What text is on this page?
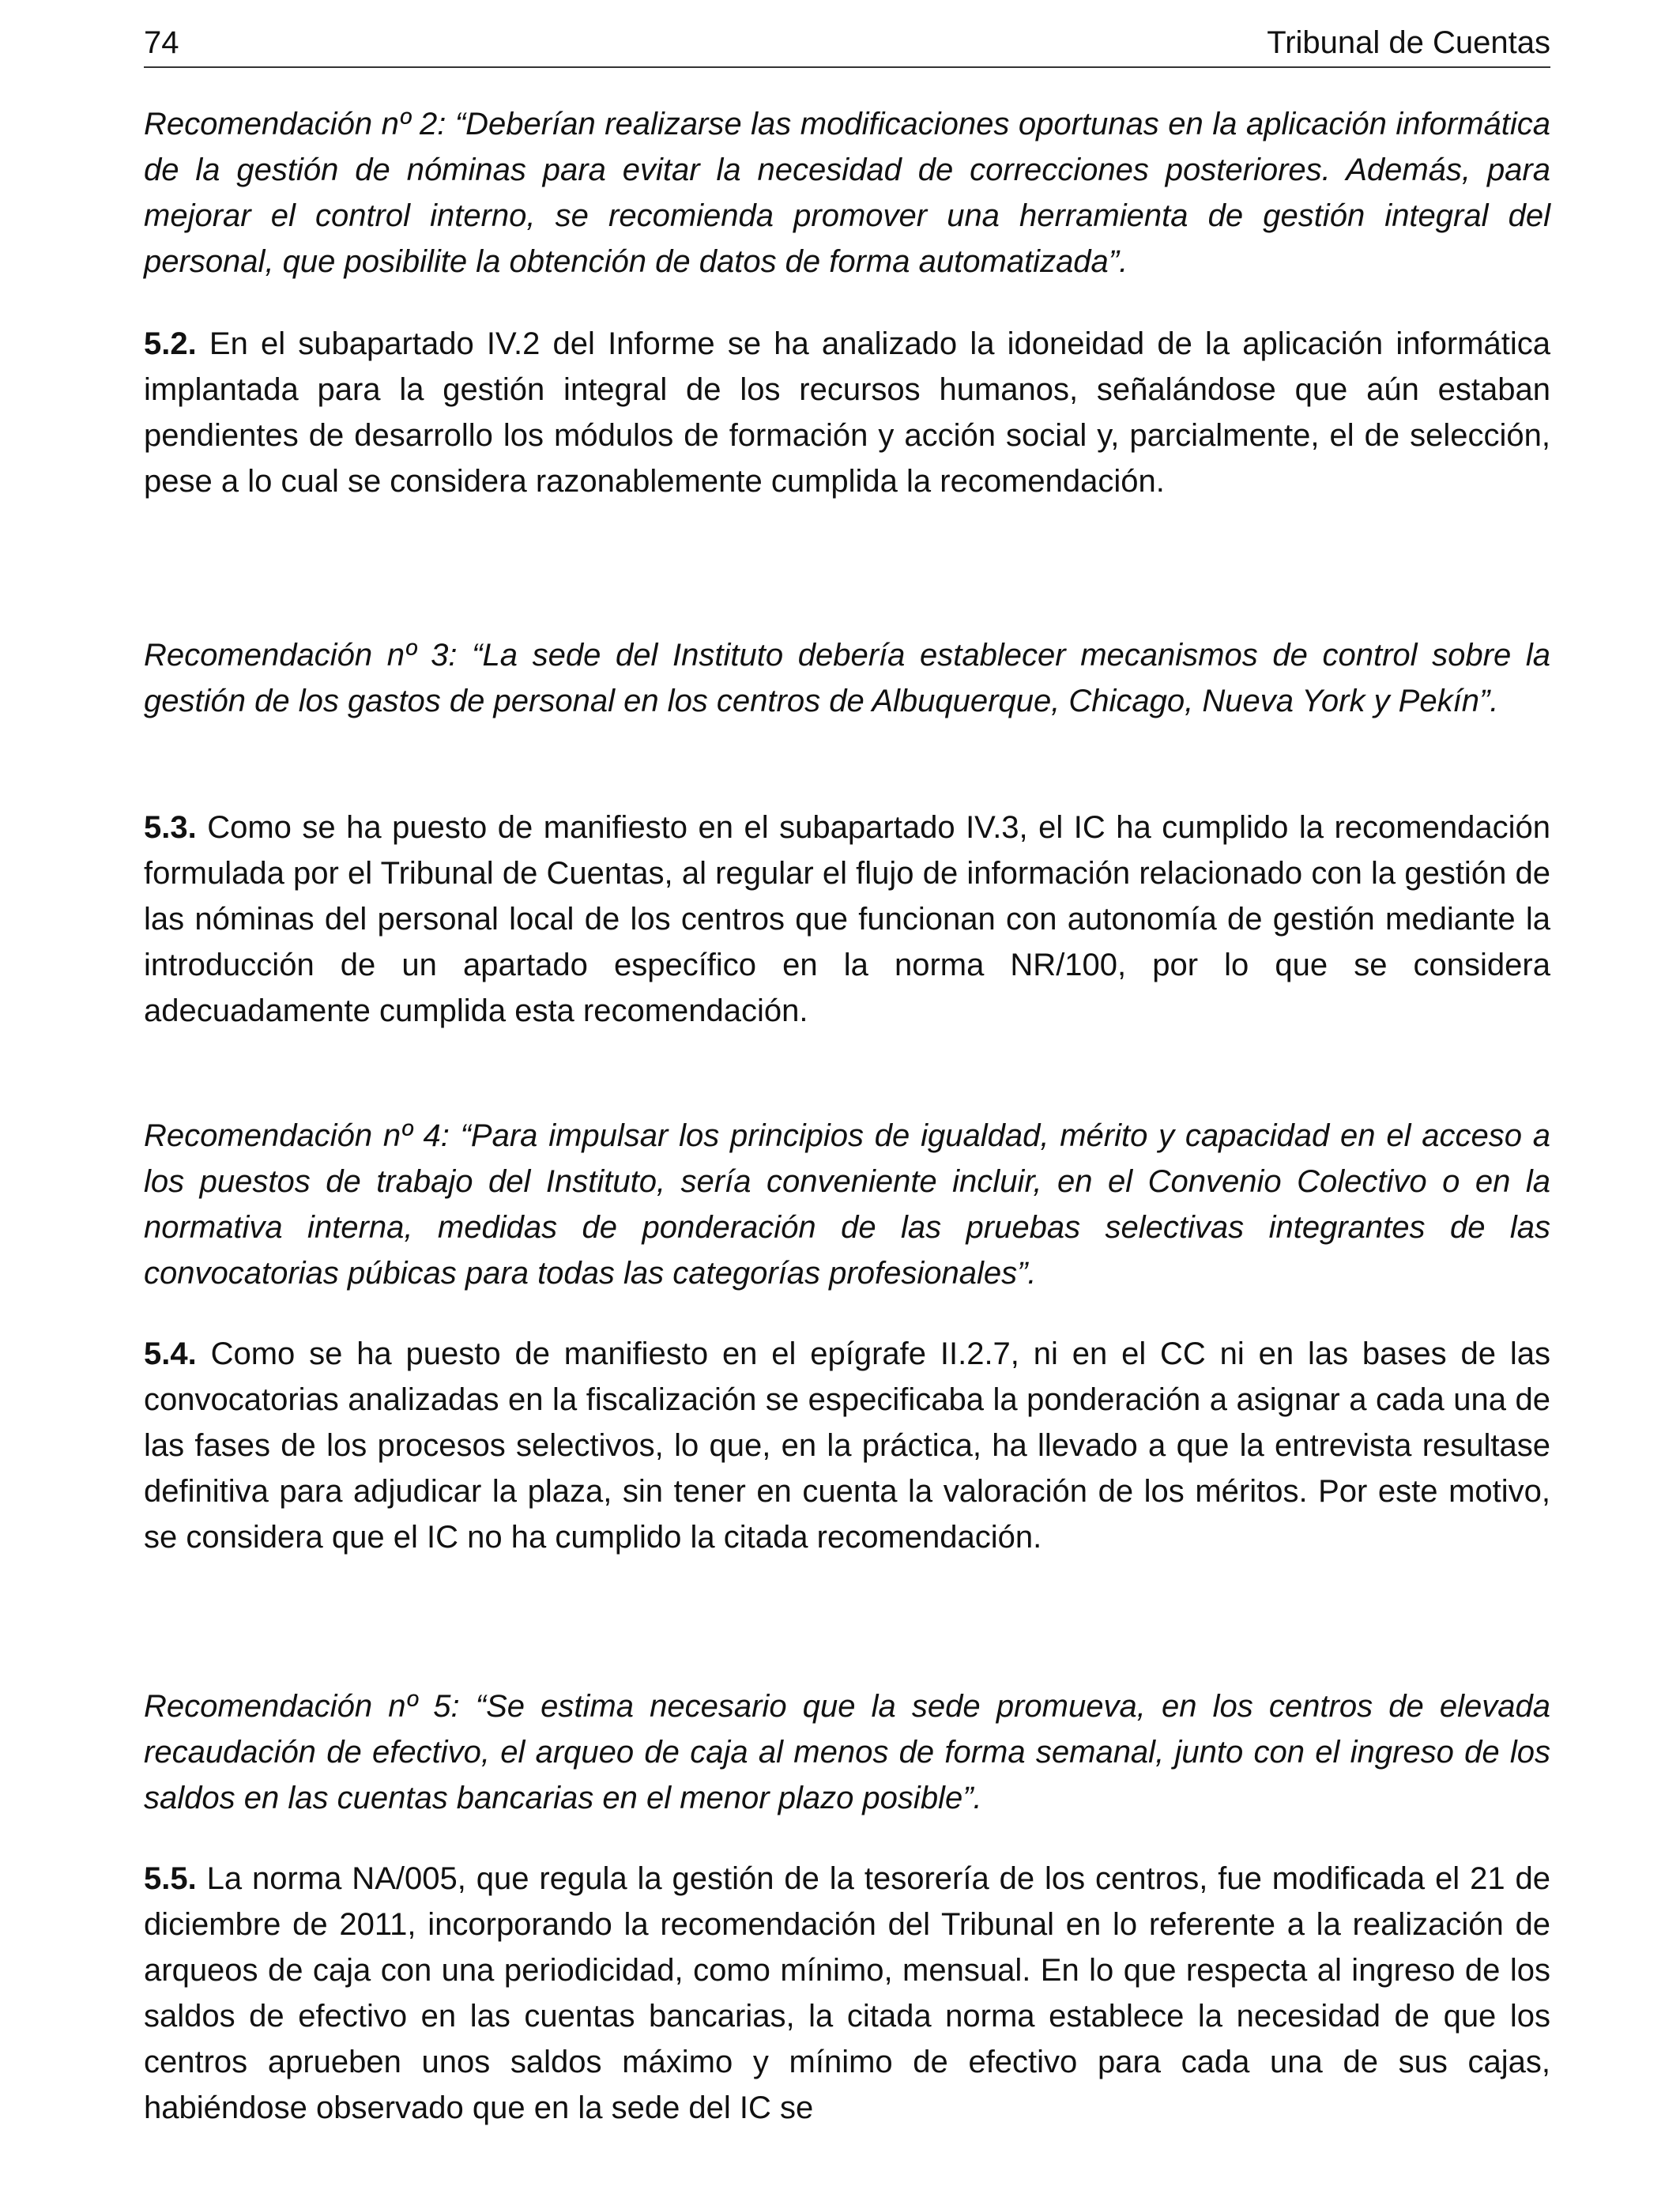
74	Tribunal de Cuentas

Recomendación nº 2: “Deberían realizarse las modificaciones oportunas en la aplicación informática de la gestión de nóminas para evitar la necesidad de correcciones posteriores. Además, para mejorar el control interno, se recomienda promover una herramienta de gestión integral del personal, que posibilite la obtención de datos de forma automatizada”.

5.2. En el subapartado IV.2 del Informe se ha analizado la idoneidad de la aplicación informática implantada para la gestión integral de los recursos humanos, señalándose que aún estaban pendientes de desarrollo los módulos de formación y acción social y, parcialmente, el de selección, pese a lo cual se considera razonablemente cumplida la recomendación.

Recomendación nº 3: “La sede del Instituto debería establecer mecanismos de control sobre la gestión de los gastos de personal en los centros de Albuquerque, Chicago, Nueva York y Pekín”.

5.3. Como se ha puesto de manifiesto en el subapartado IV.3, el IC ha cumplido la recomendación formulada por el Tribunal de Cuentas, al regular el flujo de información relacionado con la gestión de las nóminas del personal local de los centros que funcionan con autonomía de gestión mediante la introducción de un apartado específico en la norma NR/100, por lo que se considera adecuadamente cumplida esta recomendación.

Recomendación nº 4: “Para impulsar los principios de igualdad, mérito y capacidad en el acceso a los puestos de trabajo del Instituto, sería conveniente incluir, en el Convenio Colectivo o en la normativa interna, medidas de ponderación de las pruebas selectivas integrantes de las convocatorias púbicas para todas las categorías profesionales”.

5.4. Como se ha puesto de manifiesto en el epígrafe II.2.7, ni en el CC ni en las bases de las convocatorias analizadas en la fiscalización se especificaba la ponderación a asignar a cada una de las fases de los procesos selectivos, lo que, en la práctica, ha llevado a que la entrevista resultase definitiva para adjudicar la plaza, sin tener en cuenta la valoración de los méritos. Por este motivo, se considera que el IC no ha cumplido la citada recomendación.

Recomendación nº 5: “Se estima necesario que la sede promueva, en los centros de elevada recaudación de efectivo, el arqueo de caja al menos de forma semanal, junto con el ingreso de los saldos en las cuentas bancarias en el menor plazo posible”.

5.5. La norma NA/005, que regula la gestión de la tesorería de los centros, fue modificada el 21 de diciembre de 2011, incorporando la recomendación del Tribunal en lo referente a la realización de arqueos de caja con una periodicidad, como mínimo, mensual. En lo que respecta al ingreso de los saldos de efectivo en las cuentas bancarias, la citada norma establece la necesidad de que los centros aprueben unos saldos máximo y mínimo de efectivo para cada una de sus cajas, habiéndose observado que en la sede del IC se
